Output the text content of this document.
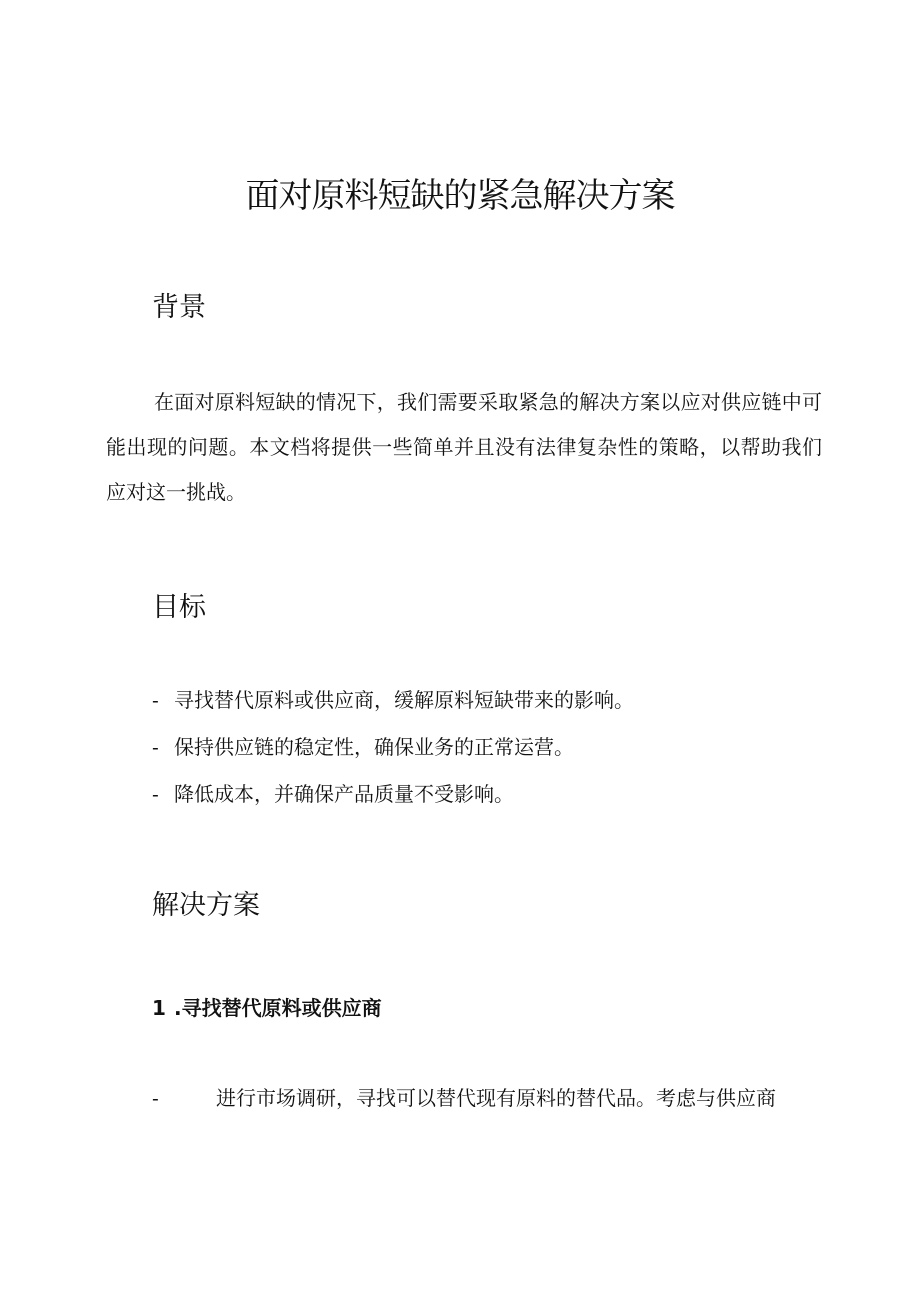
面对原料短缺的紧急解决方案
背景

在面对原料短缺的情况下，我们需要采取紧急的解决方案以应对供应链中可能出现的问题。本文档将提供一些简单并且没有法律复杂性的策略，以帮助我们应对这一挑战。

目标
- 寻找替代原料或供应商，缓解原料短缺带来的影响。
- 保持供应链的稳定性，确保业务的正常运营。
- 降低成本，并确保产品质量不受影响。
解决方案
1 .寻找替代原料或供应商
-	进行市场调研，寻找可以替代现有原料的替代品。考虑与供应商
